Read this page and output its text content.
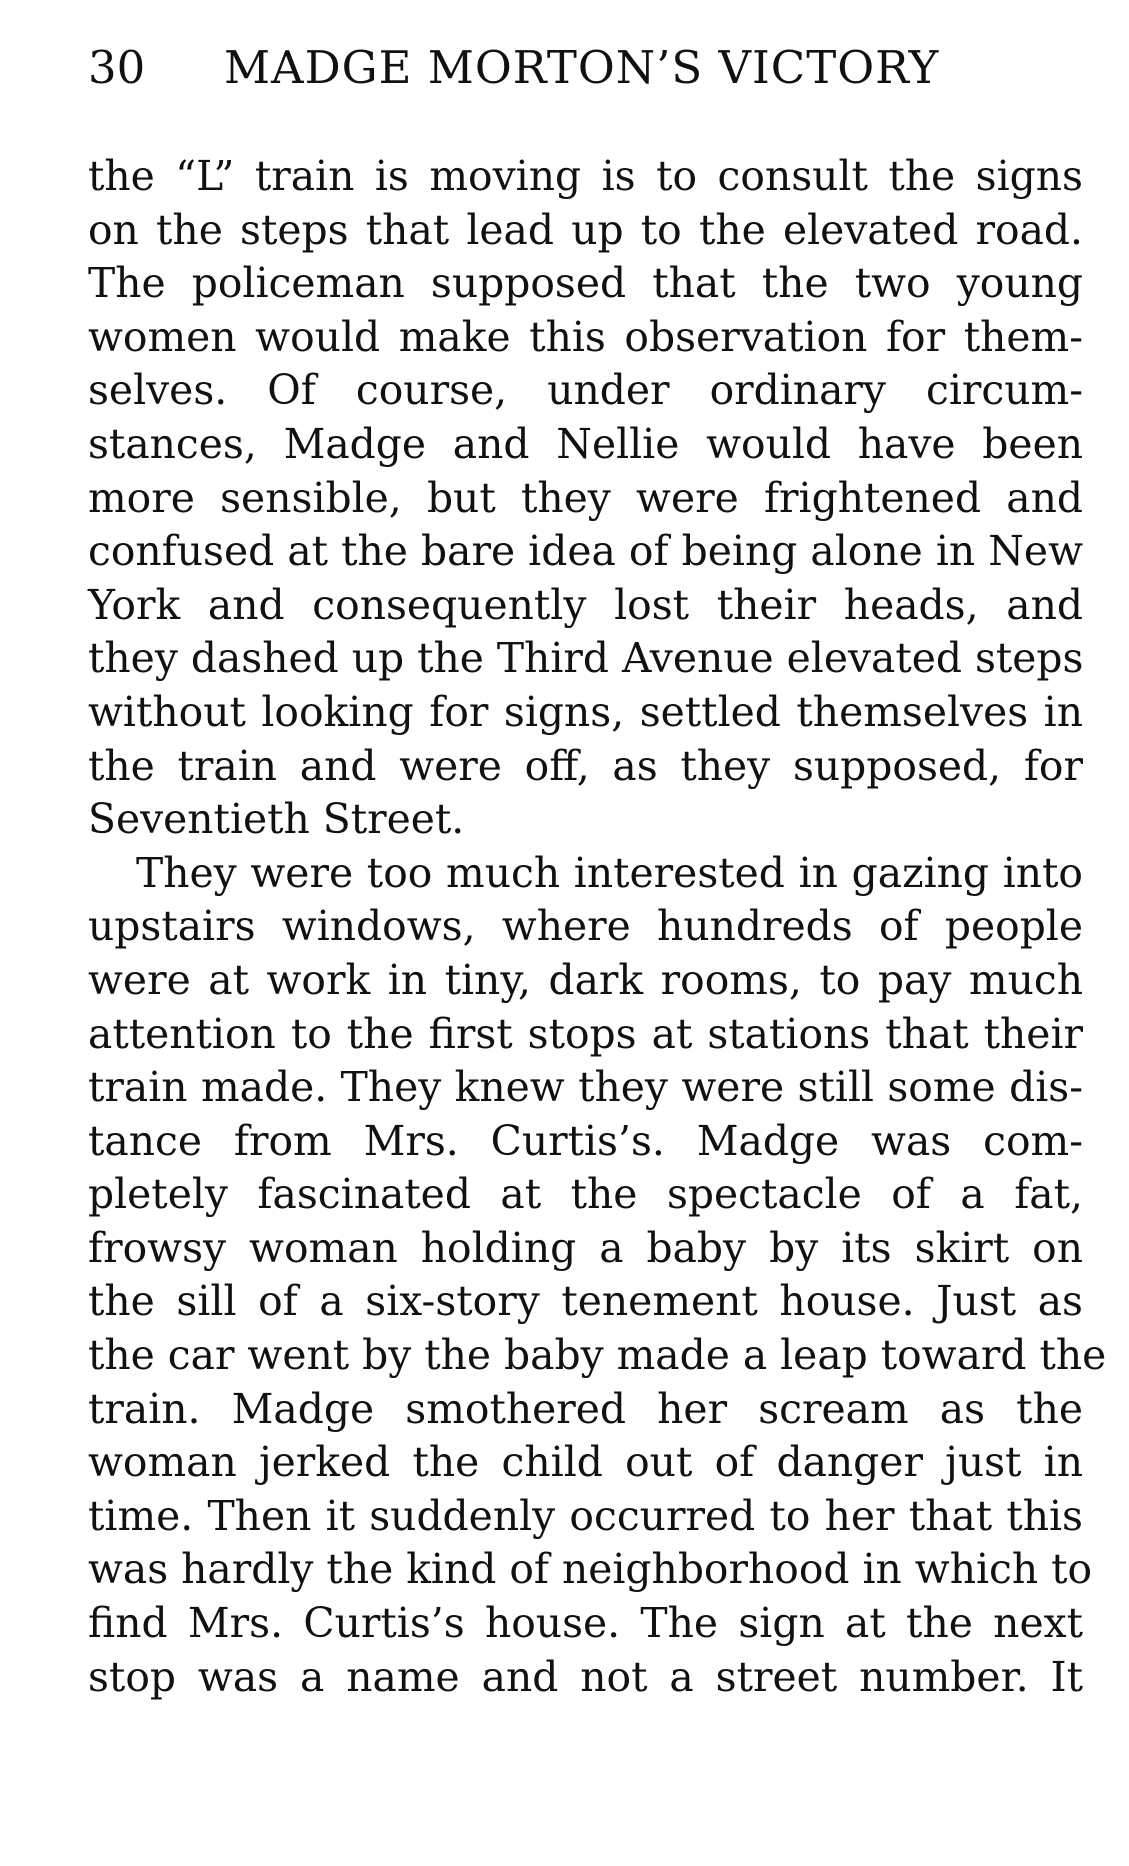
30 MADGE MORTON’S VICTORY
the “L” train is moving is to consult the signs
on the steps that lead up to the elevated road.
The policeman supposed that the two young
women would make this observation for them-
selves. Of course, under ordinary circum-
stances, Madge and Nellie would have been
more sensible, but they were frightened and
confused at the bare idea of being alone in New
York and consequently lost their heads, and
they dashed up the Third Avenue elevated steps
without looking for signs, settled themselves in
the train and were off, as they supposed, for
Seventieth Street.
They were too much interested in gazing into
upstairs windows, where hundreds of people
were at work in tiny, dark rooms, to pay much
attention to the first stops at stations that their
train made. They knew they were still some dis-
tance from Mrs. Curtis’s. Madge was com-
pletely fascinated at the spectacle of a fat,
frowsy woman holding a baby by its skirt on
the sill of a six-story tenement house. Just as
the car went by the baby made a leap toward the
train. Madge smothered her scream as the
woman jerked the child out of danger just in
time. Then it suddenly occurred to her that this
was hardly the kind of neighborhood in which to
find Mrs. Curtis’s house. The sign at the next
stop was a name and not a street number. It
